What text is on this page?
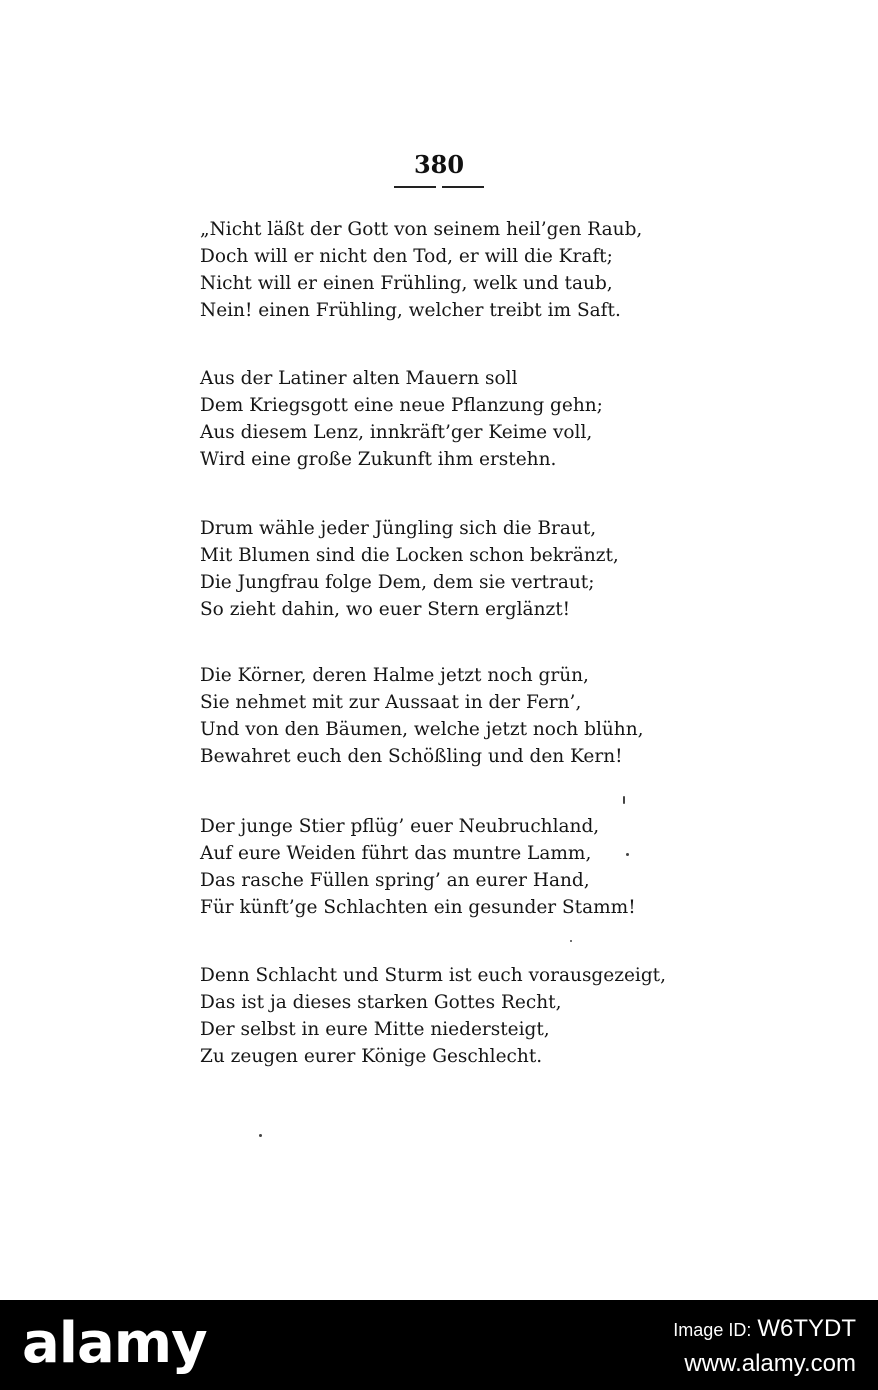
380
„Nicht läßt der Gott von seinem heil’gen Raub,
Doch will er nicht den Tod, er will die Kraft;
Nicht will er einen Frühling, welk und taub,
Nein! einen Frühling, welcher treibt im Saft.
Aus der Latiner alten Mauern soll
Dem Kriegsgott eine neue Pflanzung gehn;
Aus diesem Lenz, innkräft’ger Keime voll,
Wird eine große Zukunft ihm erstehn.
Drum wähle jeder Jüngling sich die Braut,
Mit Blumen sind die Locken schon bekränzt,
Die Jungfrau folge Dem, dem sie vertraut;
So zieht dahin, wo euer Stern erglänzt!
Die Körner, deren Halme jetzt noch grün,
Sie nehmet mit zur Aussaat in der Fern’,
Und von den Bäumen, welche jetzt noch blühn,
Bewahret euch den Schößling und den Kern!
Der junge Stier pflüg’ euer Neubruchland,
Auf eure Weiden führt das muntre Lamm,
Das rasche Füllen spring’ an eurer Hand,
Für künft’ge Schlachten ein gesunder Stamm!
Denn Schlacht und Sturm ist euch vorausgezeigt,
Das ist ja dieses starken Gottes Recht,
Der selbst in eure Mitte niedersteigt,
Zu zeugen eurer Könige Geschlecht.
alamy	Image ID: W6TYDT
www.alamy.com
